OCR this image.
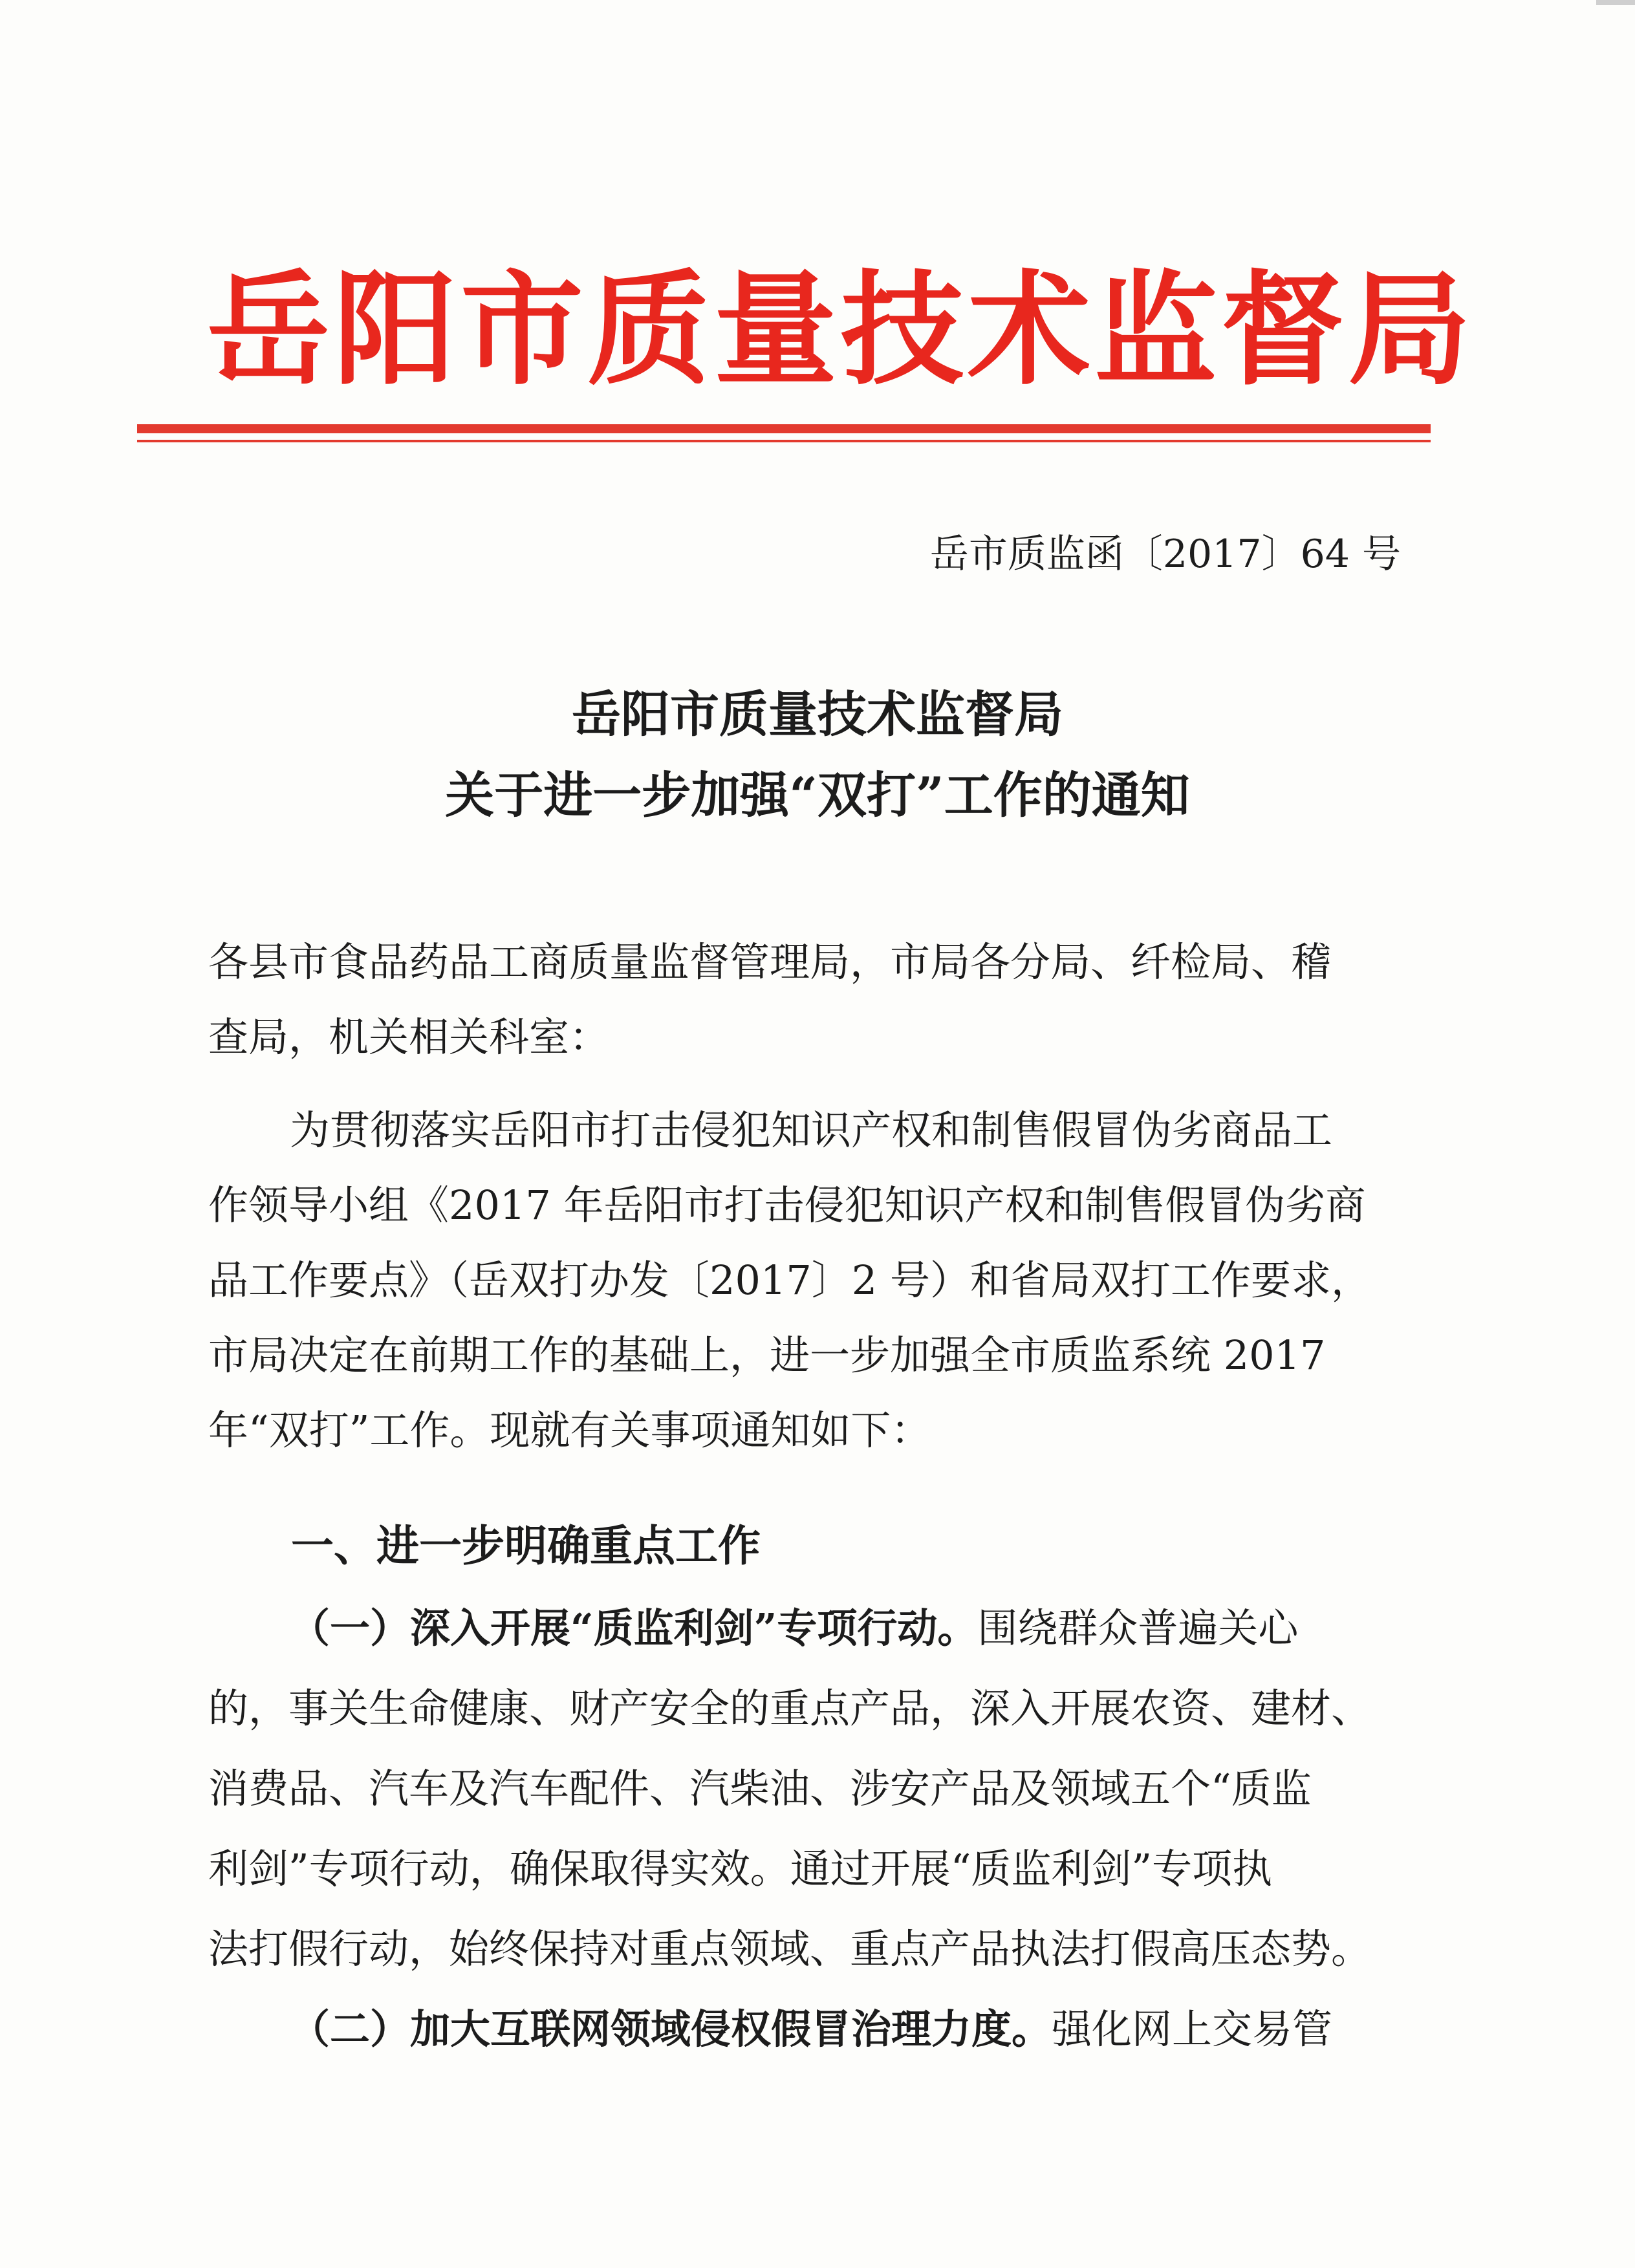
岳阳市质量技术监督局
岳市质监函〔2017〕64 号
岳阳市质量技术监督局
关于进一步加强“双打”工作的通知
各县市食品药品工商质量监督管理局，市局各分局、纤检局、稽
查局，机关相关科室：
为贯彻落实岳阳市打击侵犯知识产权和制售假冒伪劣商品工
作领导小组《2017 年岳阳市打击侵犯知识产权和制售假冒伪劣商
品工作要点》（岳双打办发〔2017〕2 号）和省局双打工作要求，
市局决定在前期工作的基础上，进一步加强全市质监系统 2017
年“双打”工作。现就有关事项通知如下：
一、进一步明确重点工作
（一）深入开展“质监利剑”专项行动。围绕群众普遍关心
的，事关生命健康、财产安全的重点产品，深入开展农资、建材、
消费品、汽车及汽车配件、汽柴油、涉安产品及领域五个“质监
利剑”专项行动，确保取得实效。通过开展“质监利剑”专项执
法打假行动，始终保持对重点领域、重点产品执法打假高压态势。
（二）加大互联网领域侵权假冒治理力度。强化网上交易管
